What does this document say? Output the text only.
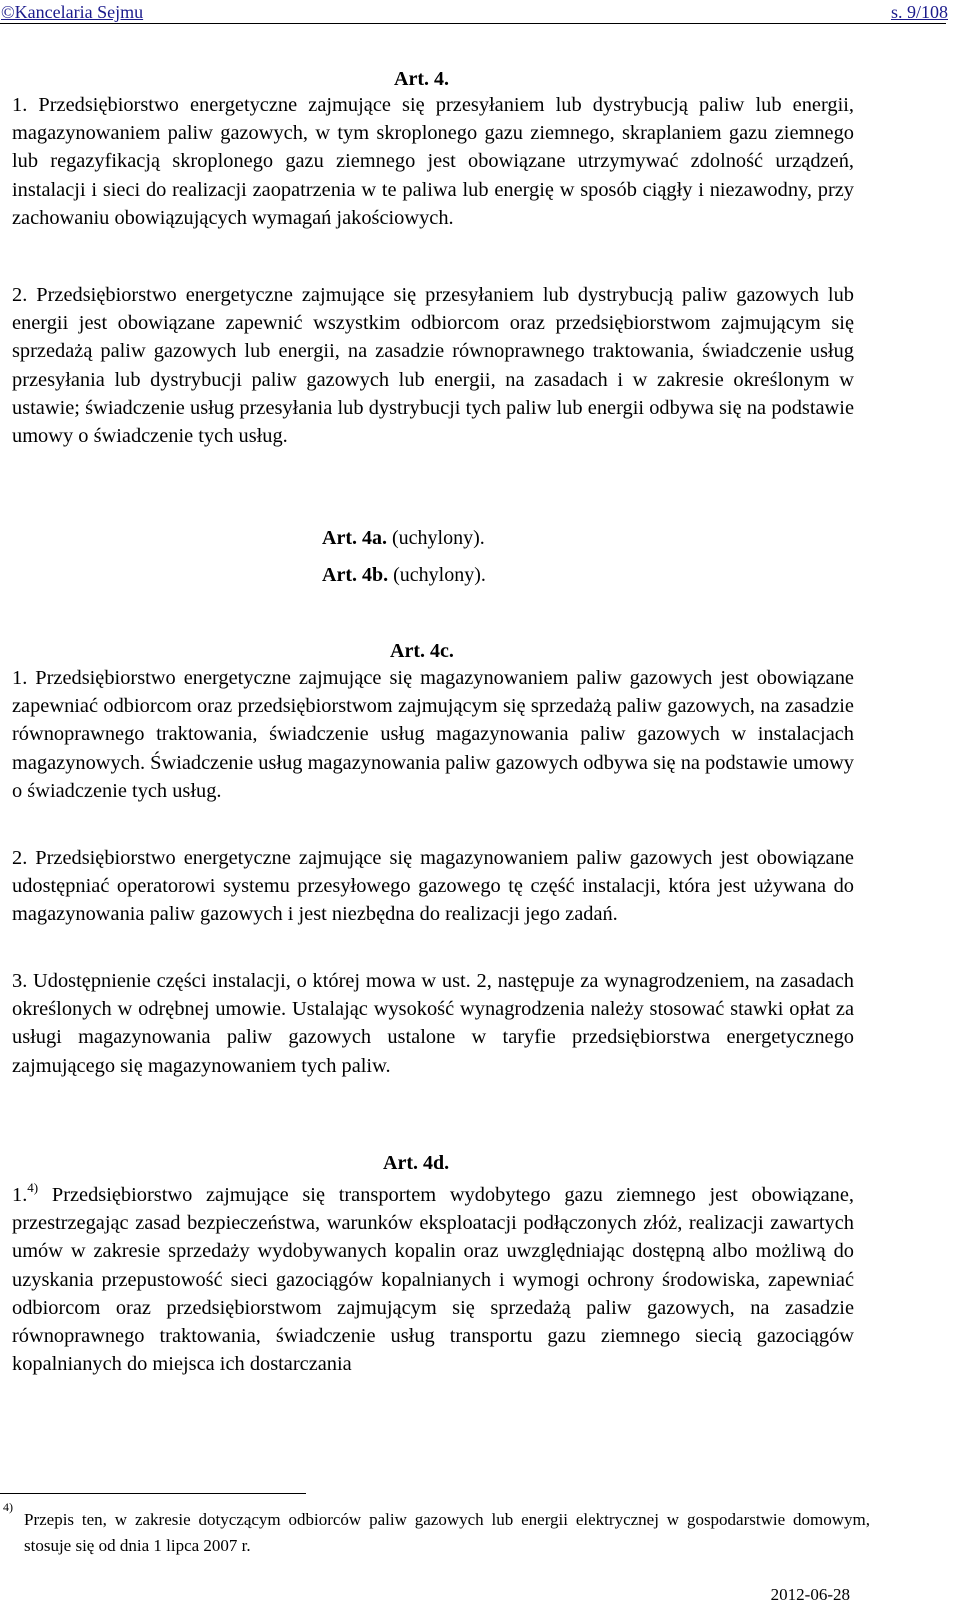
©Kancelaria Sejmu	s. 9/108
Art. 4.
1. Przedsiębiorstwo energetyczne zajmujące się przesyłaniem lub dystrybucją paliw lub energii, magazynowaniem paliw gazowych, w tym skroplonego gazu ziemnego, skraplaniem gazu ziemnego lub regazyfikacją skroplonego gazu ziemnego jest obowiązane utrzymywać zdolność urządzeń, instalacji i sieci do realizacji zaopatrzenia w te paliwa lub energię w sposób ciągły i niezawodny, przy zachowaniu obowiązujących wymagań jakościowych.
2. Przedsiębiorstwo energetyczne zajmujące się przesyłaniem lub dystrybucją paliw gazowych lub energii jest obowiązane zapewnić wszystkim odbiorcom oraz przedsiębiorstwom zajmującym się sprzedażą paliw gazowych lub energii, na zasadzie równoprawnego traktowania, świadczenie usług przesyłania lub dystrybucji paliw gazowych lub energii, na zasadach i w zakresie określonym w ustawie; świadczenie usług przesyłania lub dystrybucji tych paliw lub energii odbywa się na podstawie umowy o świadczenie tych usług.
Art. 4a. (uchylony).
Art. 4b. (uchylony).
Art. 4c.
1. Przedsiębiorstwo energetyczne zajmujące się magazynowaniem paliw gazowych jest obowiązane zapewniać odbiorcom oraz przedsiębiorstwom zajmującym się sprzedażą paliw gazowych, na zasadzie równoprawnego traktowania, świadczenie usług magazynowania paliw gazowych w instalacjach magazynowych. Świadczenie usług magazynowania paliw gazowych odbywa się na podstawie umowy o świadczenie tych usług.
2. Przedsiębiorstwo energetyczne zajmujące się magazynowaniem paliw gazowych jest obowiązane udostępniać operatorowi systemu przesyłowego gazowego tę część instalacji, która jest używana do magazynowania paliw gazowych i jest niezbędna do realizacji jego zadań.
3. Udostępnienie części instalacji, o której mowa w ust. 2, następuje za wynagrodzeniem, na zasadach określonych w odrębnej umowie. Ustalając wysokość wynagrodzenia należy stosować stawki opłat za usługi magazynowania paliw gazowych ustalone w taryfie przedsiębiorstwa energetycznego zajmującego się magazynowaniem tych paliw.
Art. 4d.
1.$^{4)}$ Przedsiębiorstwo zajmujące się transportem wydobytego gazu ziemnego jest obowiązane, przestrzegając zasad bezpieczeństwa, warunków eksploatacji podłączonych złóż, realizacji zawartych umów w zakresie sprzedaży wydobywanych kopalin oraz uwzględniając dostępną albo możliwą do uzyskania przepustowość sieci gazociągów kopalnianych i wymogi ochrony środowiska, zapewniać odbiorcom oraz przedsiębiorstwom zajmującym się sprzedażą paliw gazowych, na zasadzie równoprawnego traktowania, świadczenie usług transportu gazu ziemnego siecią gazociągów kopalnianych do miejsca ich dostarczania
4)
Przepis ten, w zakresie dotyczącym odbiorców paliw gazowych lub energii elektrycznej w gospodarstwie domowym, stosuje się od dnia 1 lipca 2007 r.
2012-06-28
